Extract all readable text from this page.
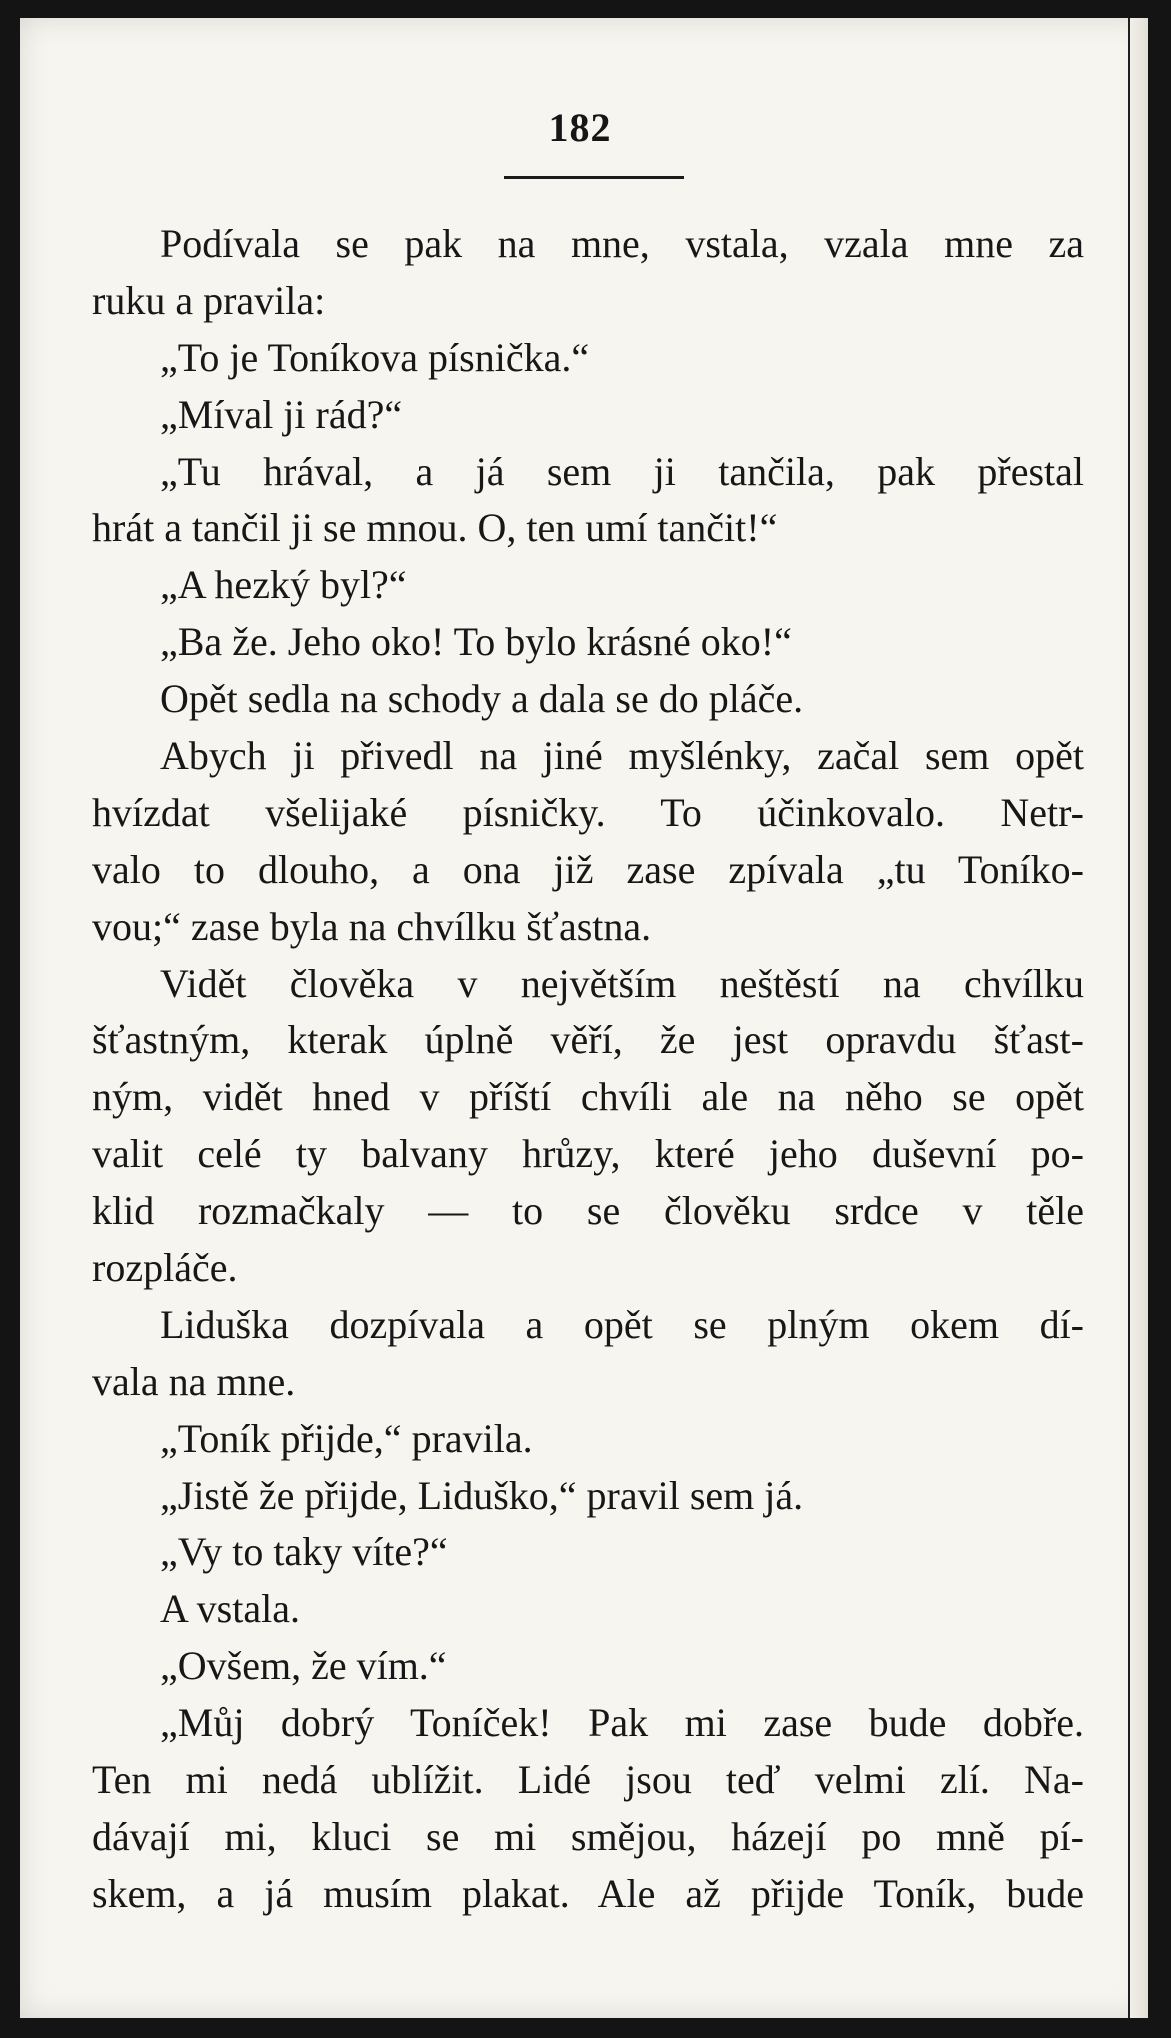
182
Podívala se pak na mne, vstala, vzala mne za
ruku a pravila:
„To je Toníkova písnička.“
„Míval ji rád?“
„Tu hrával, a já sem ji tančila, pak přestal
hrát a tančil ji se mnou. O, ten umí tančit!“
„A hezký byl?“
„Ba že. Jeho oko! To bylo krásné oko!“
Opět sedla na schody a dala se do pláče.
Abych ji přivedl na jiné myšlénky, začal sem opět
hvízdat všelijaké písničky. To účinkovalo. Netr-
valo to dlouho, a ona již zase zpívala „tu Toníko-
vou;“ zase byla na chvílku šťastna.
Vidět člověka v největším neštěstí na chvílku
šťastným, kterak úplně věří, že jest opravdu šťast-
ným, vidět hned v příští chvíli ale na něho se opět
valit celé ty balvany hrůzy, které jeho duševní po-
klid rozmačkaly — to se člověku srdce v těle
rozpláče.
Liduška dozpívala a opět se plným okem dí-
vala na mne.
„Toník přijde,“ pravila.
„Jistě že přijde, Liduško,“ pravil sem já.
„Vy to taky víte?“
A vstala.
„Ovšem, že vím.“
„Můj dobrý Toníček! Pak mi zase bude dobře.
Ten mi nedá ublížit. Lidé jsou teď velmi zlí. Na-
dávají mi, kluci se mi smějou, házejí po mně pí-
skem, a já musím plakat. Ale až přijde Toník, bude
